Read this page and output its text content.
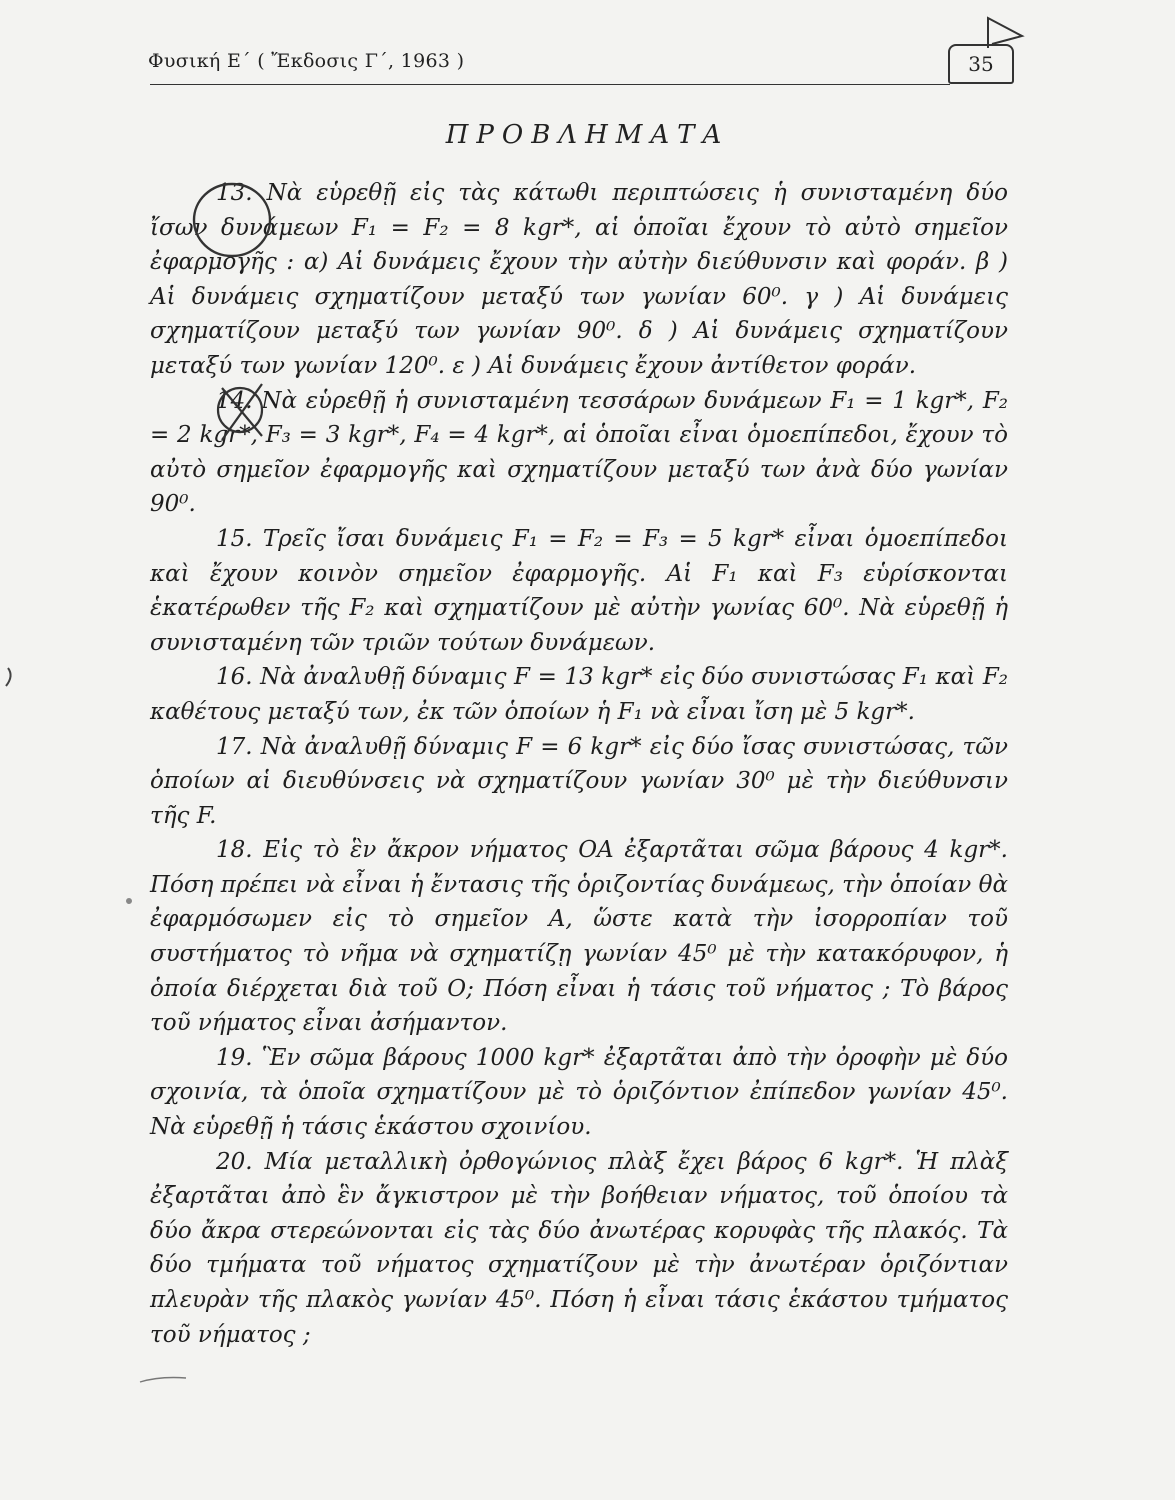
Φυσική Ε΄ ( Ἔκδοσις Γ΄, 1963 )	35
ΠΡΟΒΛΗΜΑΤΑ

13. Νὰ εὑρεθῇ εἰς τὰς κάτωθι περιπτώσεις ἡ συνισταμένη δύο ἴσων δυνάμεων F₁ = F₂ = 8 kgr*, αἱ ὁποῖαι ἔχουν τὸ αὐτὸ σημεῖον ἐφαρμογῆς : α) Αἱ δυνάμεις ἔχουν τὴν αὐτὴν διεύθυνσιν καὶ φοράν. β ) Αἱ δυνάμεις σχηματίζουν μεταξύ των γωνίαν 60⁰. γ ) Αἱ δυνάμεις σχηματίζουν μεταξύ των γωνίαν 90⁰. δ ) Αἱ δυνάμεις σχηματίζουν μεταξύ των γωνίαν 120⁰. ε ) Αἱ δυνάμεις ἔχουν ἀντίθετον φοράν.

14. Νὰ εὑρεθῇ ἡ συνισταμένη τεσσάρων δυνάμεων F₁ = 1 kgr*, F₂ = 2 kgr*, F₃ = 3 kgr*, F₄ = 4 kgr*, αἱ ὁποῖαι εἶναι ὁμοεπίπεδοι, ἔχουν τὸ αὐτὸ σημεῖον ἐφαρμογῆς καὶ σχηματίζουν μεταξύ των ἀνὰ δύο γωνίαν 90⁰.

15. Τρεῖς ἴσαι δυνάμεις F₁ = F₂ = F₃ = 5 kgr* εἶναι ὁμοεπίπεδοι καὶ ἔχουν κοινὸν σημεῖον ἐφαρμογῆς. Αἱ F₁ καὶ F₃ εὑρίσκονται ἑκατέρωθεν τῆς F₂ καὶ σχηματίζουν μὲ αὐτὴν γωνίας 60⁰. Νὰ εὑρεθῇ ἡ συνισταμένη τῶν τριῶν τούτων δυνάμεων.

16. Νὰ ἀναλυθῇ δύναμις F = 13 kgr* εἰς δύο συνιστώσας F₁ καὶ F₂ καθέτους μεταξύ των, ἐκ τῶν ὁποίων ἡ F₁ νὰ εἶναι ἴση μὲ 5 kgr*.

17. Νὰ ἀναλυθῇ δύναμις F = 6 kgr* εἰς δύο ἴσας συνιστώσας, τῶν ὁποίων αἱ διευθύνσεις νὰ σχηματίζουν γωνίαν 30⁰ μὲ τὴν διεύθυνσιν τῆς F.

18. Εἰς τὸ ἓν ἄκρον νήματος ΟΑ ἐξαρτᾶται σῶμα βάρους 4 kgr*. Πόση πρέπει νὰ εἶναι ἡ ἔντασις τῆς ὁριζοντίας δυνάμεως, τὴν ὁποίαν θὰ ἐφαρμόσωμεν εἰς τὸ σημεῖον Α, ὥστε κατὰ τὴν ἰσορροπίαν τοῦ συστήματος τὸ νῆμα νὰ σχηματίζῃ γωνίαν 45⁰ μὲ τὴν κατακόρυφον, ἡ ὁποία διέρχεται διὰ τοῦ Ο; Πόση εἶναι ἡ τάσις τοῦ νήματος ; Τὸ βάρος τοῦ νήματος εἶναι ἀσήμαντον.

19. Ἓν σῶμα βάρους 1000 kgr* ἐξαρτᾶται ἀπὸ τὴν ὀροφὴν μὲ δύο σχοινία, τὰ ὁποῖα σχηματίζουν μὲ τὸ ὁριζόντιον ἐπίπεδον γωνίαν 45⁰. Νὰ εὑρεθῇ ἡ τάσις ἑκάστου σχοινίου.

20. Μία μεταλλικὴ ὀρθογώνιος πλὰξ ἔχει βάρος 6 kgr*. Ἡ πλὰξ ἐξαρτᾶται ἀπὸ ἓν ἄγκιστρον μὲ τὴν βοήθειαν νήματος, τοῦ ὁποίου τὰ δύο ἄκρα στερεώνονται εἰς τὰς δύο ἀνωτέρας κορυφὰς τῆς πλακός. Τὰ δύο τμήματα τοῦ νήματος σχηματίζουν μὲ τὴν ἀνωτέραν ὁριζόντιαν πλευρὰν τῆς πλακὸς γωνίαν 45⁰. Πόση ἡ εἶναι τάσις ἑκάστου τμήματος τοῦ νήματος ;
